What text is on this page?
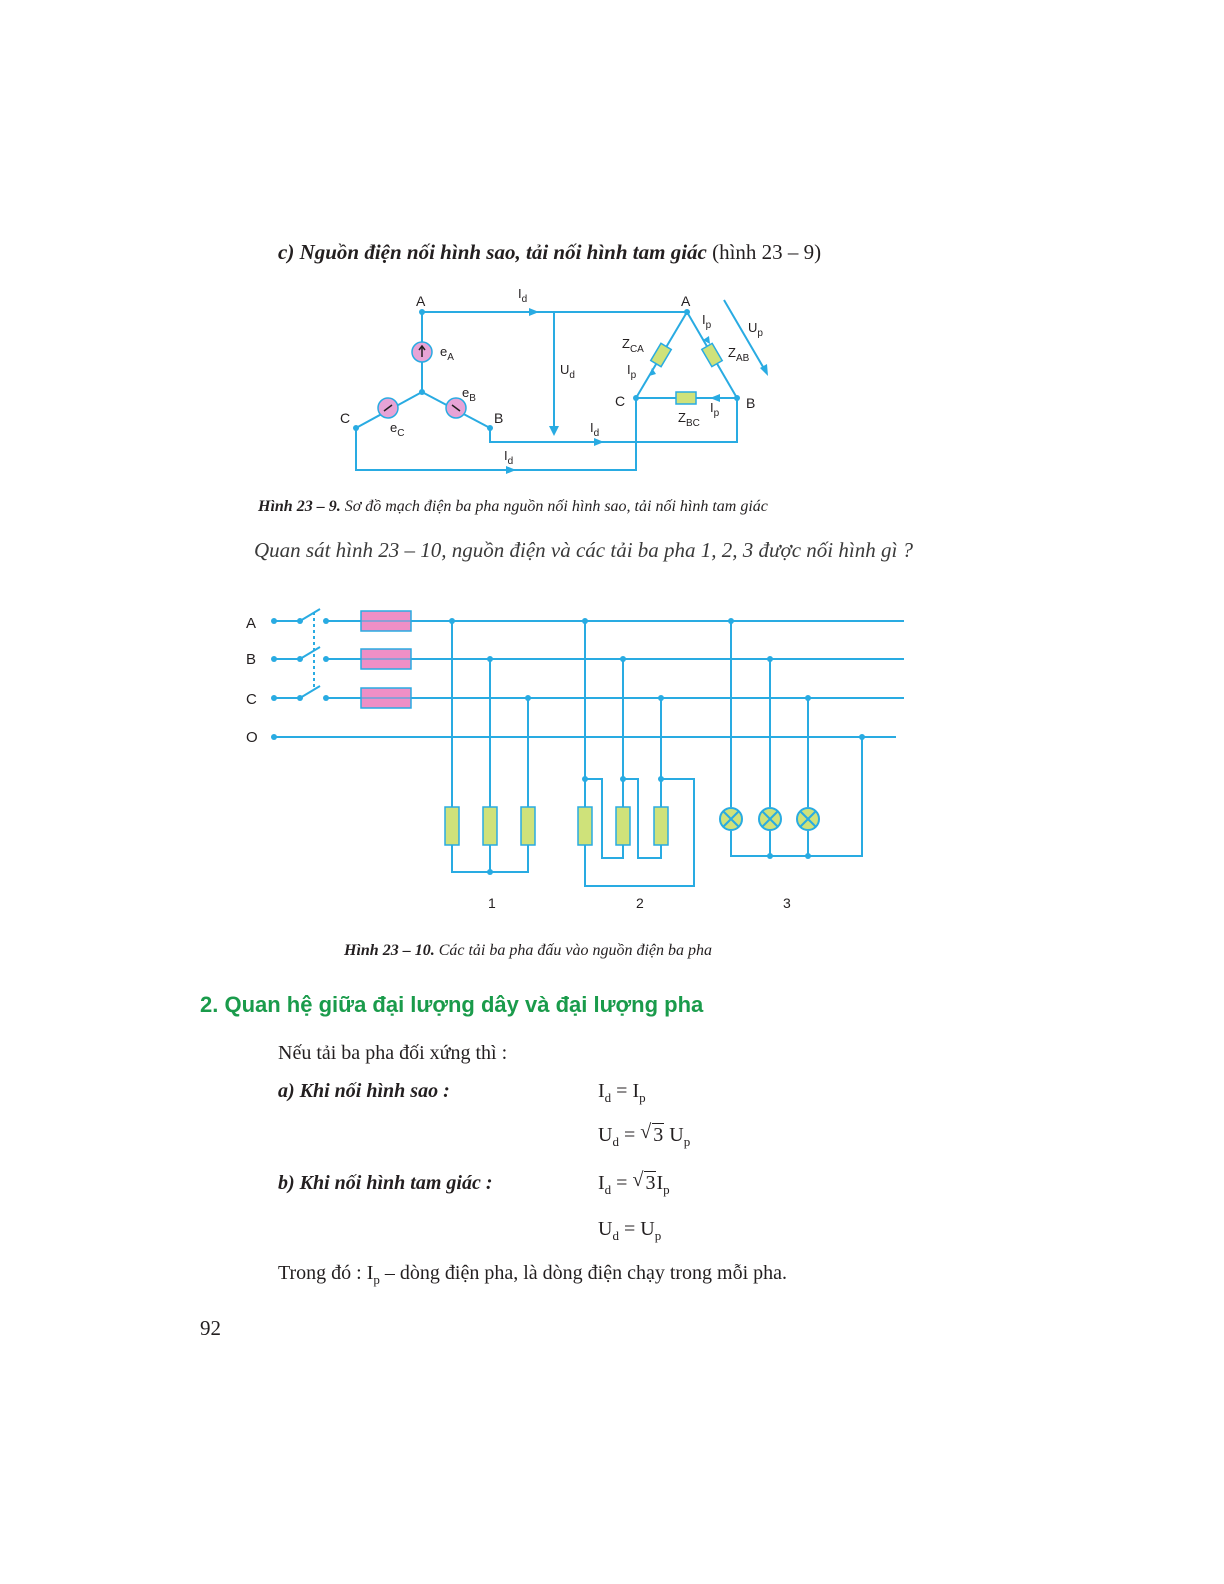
c) Nguồn điện nối hình sao, tải nối hình tam giác (hình 23 – 9)
A
C	B
A
B
C
$e_A$
$e_B$
$e_C$
$I_d$
$I_d$
$I_d$
$U_d$
$I_p$
$I_p$
$I_p$
$U_p$
$Z_{AB}$
$Z_{BC}$
$Z_{CA}$
Hình 23 – 9. Sơ đồ mạch điện ba pha nguồn nối hình sao, tải nối hình tam giác
Quan sát hình 23 – 10, nguồn điện và các tải ba pha 1, 2, 3 được nối hình gì ?
A
B
C
O
1	2	3
Hình 23 – 10. Các tải ba pha đấu vào nguồn điện ba pha
2. Quan hệ giữa đại lượng dây và đại lượng pha
Nếu tải ba pha đối xứng thì :
a) Khi nối hình sao :	$I_d = I_p$
$U_d$ = √ 3 $U_p$
b) Khi nối hình tam giác :	$I_d$ = √ $3I_p$
$U_d = U_p$
Trong đó : $I_p$ – dòng điện pha, là dòng điện chạy trong mỗi pha.
92
